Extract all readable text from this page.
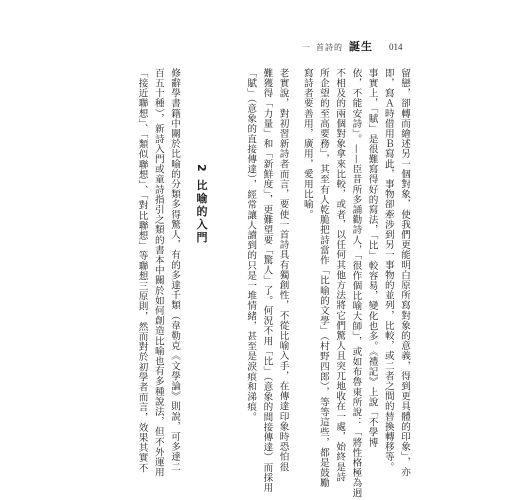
一 首詩的 誕生 014
留戀，卻轉而繪述另一個對象，使我們更能明白原所寫對象的意義，得到更具體的印象」，亦
即，寫Ａ時借用Ｂ寫此，事物卻牽涉到另一事物的並列，比較，或二者之間的替換轉移等。
事實上，「賦」是很難寫得好的寫法，「比」較容易，變化也多。《禮記》上說「不學博
依，不能安詩」。——臣昔所多誦勸詩人，「很作個比喻大師」，或如布魯東所說：「將性格極為迥
不相及的兩個對象拿來比較，或者，以任何其他方法將它們驚人且突兀地收在一處，始終是詩
所企望的至高要務」，其至有人乾脆把詩當作「比喻的文學」（村野四郎），等等這些，都是鼓勵
寫詩者要善用，廣用，愛用比喻。
老實說，對初習新詩者而言，要使一首詩具有獨創性，不從比喻入手，在傳達印象時恐怕很
難獲得「力量」和「新鮮度」，更難望要「驚人」了。何況不用「比」（意象的間接傳達）而採用
「賦」（意象的直接傳達），經常讓人讀到的只是一堆情緒，甚至是淚痕和涕痕。
2 比喻的入門
修辭學書籍中關於比喻的分類多得驚人，有的多達千類（韋勒克《文學論》則說，可多達二
百五十種），新詩入門或童詩指引之類的書本中關於如何創造比喻也有多種說法，但不外運用
「接近聯想」、「類似聯想」、「對比聯想」等聯想三原則，然而對於初學者而言，效果其實不
